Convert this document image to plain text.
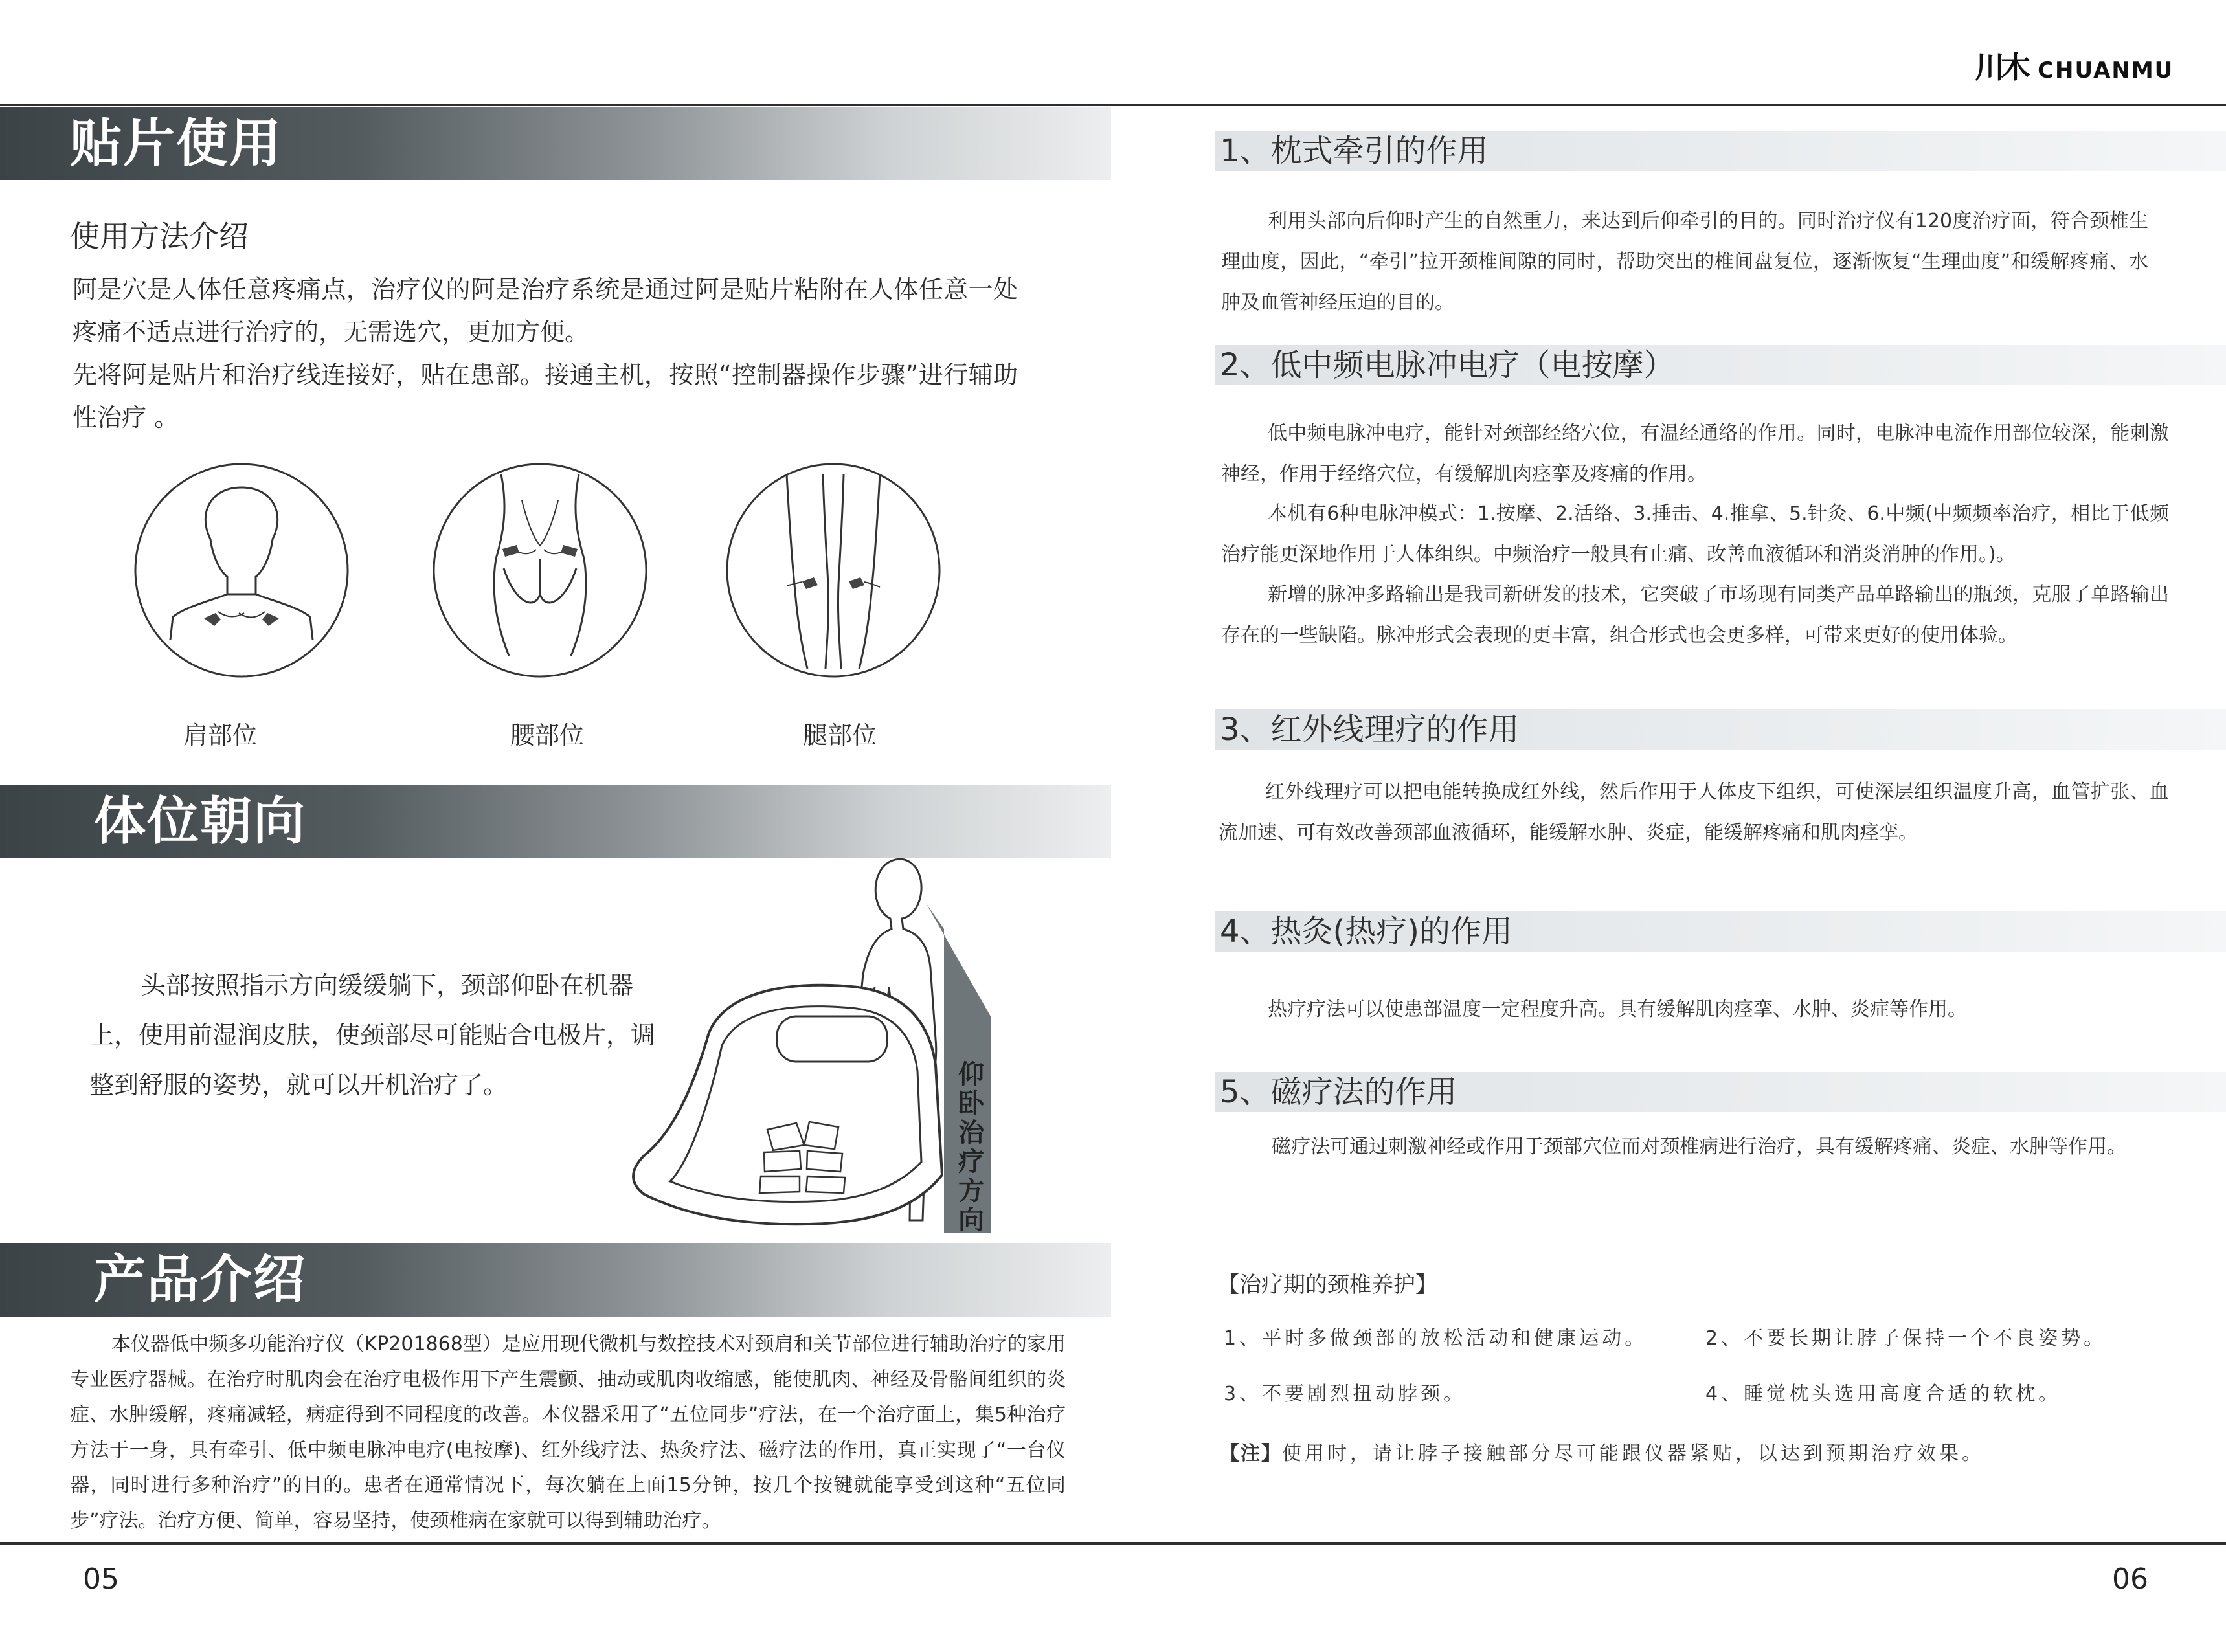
川木 CHUANMU
贴片使用

使用方法介绍

阿是穴是人体任意疼痛点，治疗仪的阿是治疗系统是通过阿是贴片粘附在人体任意一处疼痛不适点进行治疗的，无需选穴，更加方便。

先将阿是贴片和治疗线连接好，贴在患部。接通主机，按照“控制器操作步骤”进行辅助性治疗 。

肩部位	腰部位	腿部位
体位朝向

头部按照指示方向缓缓躺下，颈部仰卧在机器上，使用前湿润皮肤，使颈部尽可能贴合电极片，调整到舒服的姿势，就可以开机治疗了。	仰卧治疗方向
产品介绍

本仪器低中频多功能治疗仪（KP201868型）是应用现代微机与数控技术对颈肩和关节部位进行辅助治疗的家用专业医疗器械。在治疗时肌肉会在治疗电极作用下产生震颤、抽动或肌肉收缩感，能使肌肉、神经及骨骼间组织的炎症、水肿缓解，疼痛减轻，病症得到不同程度的改善。本仪器采用了“五位同步”疗法，在一个治疗面上，集5种治疗方法于一身，具有牵引、低中频电脉冲电疗(电按摩)、红外线疗法、热灸疗法、磁疗法的作用，真正实现了“一台仪器，同时进行多种治疗”的目的。患者在通常情况下，每次躺在上面15分钟，按几个按键就能享受到这种“五位同步”疗法。治疗方便、简单，容易坚持，使颈椎病在家就可以得到辅助治疗。

1、枕式牵引的作用

利用头部向后仰时产生的自然重力，来达到后仰牵引的目的。同时治疗仪有120度治疗面，符合颈椎生理曲度，因此，“牵引”拉开颈椎间隙的同时，帮助突出的椎间盘复位，逐渐恢复“生理曲度”和缓解疼痛、水肿及血管神经压迫的目的。

2、低中频电脉冲电疗（电按摩）

低中频电脉冲电疗，能针对颈部经络穴位，有温经通络的作用。同时，电脉冲电流作用部位较深，能刺激神经，作用于经络穴位，有缓解肌肉痉挛及疼痛的作用。

本机有6种电脉冲模式：1.按摩、2.活络、3.捶击、4.推拿、5.针灸、6.中频(中频频率治疗，相比于低频治疗能更深地作用于人体组织。中频治疗一般具有止痛、改善血液循环和消炎消肿的作用。)。

新增的脉冲多路输出是我司新研发的技术，它突破了市场现有同类产品单路输出的瓶颈，克服了单路输出存在的一些缺陷。脉冲形式会表现的更丰富，组合形式也会更多样，可带来更好的使用体验。

3、红外线理疗的作用

红外线理疗可以把电能转换成红外线，然后作用于人体皮下组织，可使深层组织温度升高，血管扩张、血流加速、可有效改善颈部血液循环，能缓解水肿、炎症，能缓解疼痛和肌肉痉挛。

4、热灸(热疗)的作用

热疗疗法可以使患部温度一定程度升高。具有缓解肌肉痉挛、水肿、炎症等作用。

5、磁疗法的作用

磁疗法可通过刺激神经或作用于颈部穴位而对颈椎病进行治疗，具有缓解疼痛、炎症、水肿等作用。

【治疗期的颈椎养护】

1、平时多做颈部的放松活动和健康运动。	2、不要长期让脖子保持一个不良姿势。

3、不要剧烈扭动脖颈。	4、睡觉枕头选用高度合适的软枕。

【注】使用时，请让脖子接触部分尽可能跟仪器紧贴，以达到预期治疗效果。

05	06
